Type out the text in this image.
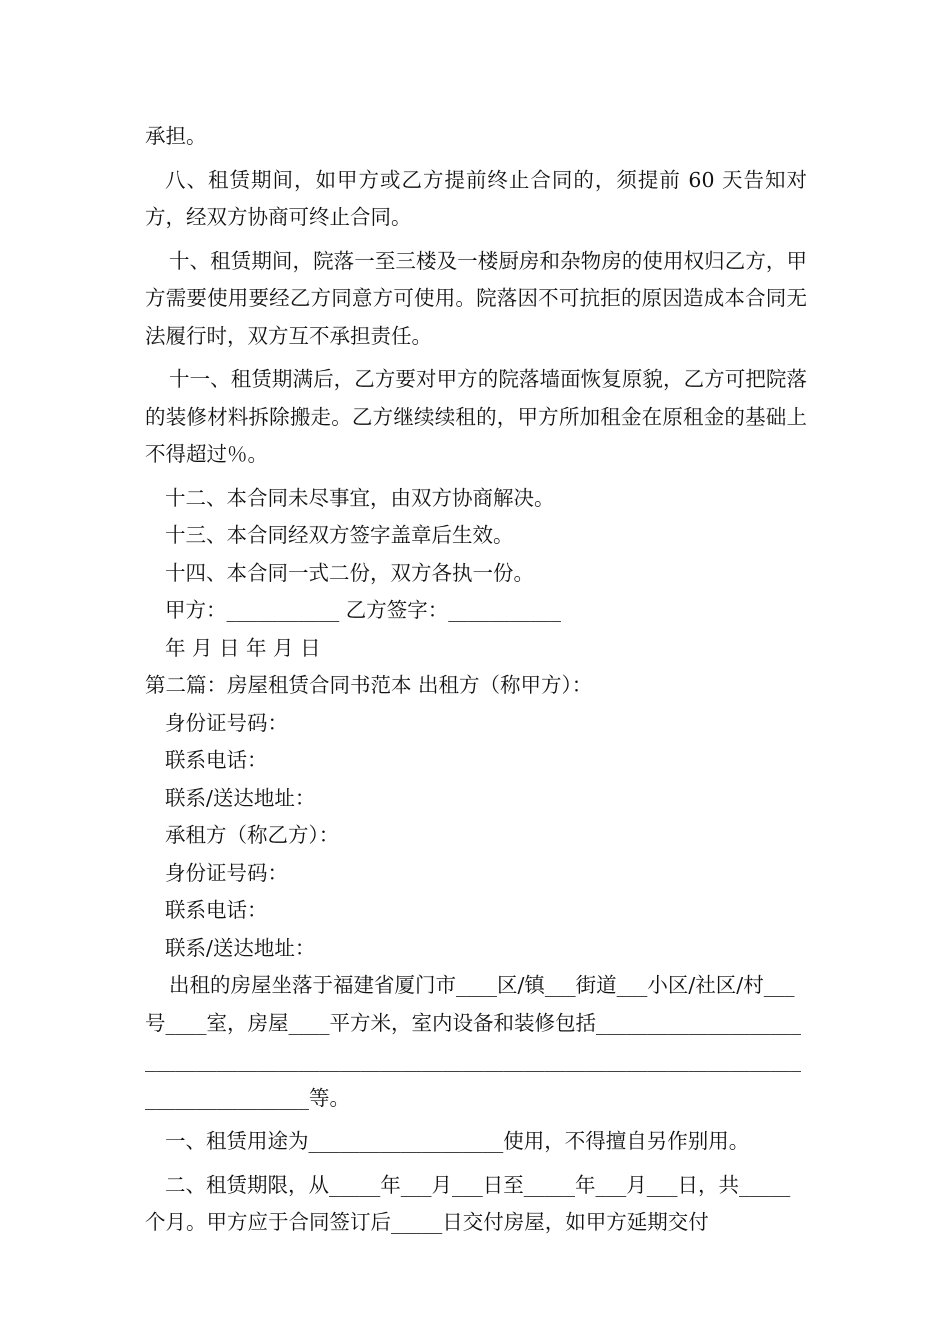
承担。

八、租赁期间，如甲方或乙方提前终止合同的，须提前 60 天告知对方，经双方协商可终止合同。

十、租赁期间，院落一至三楼及一楼厨房和杂物房的使用权归乙方，甲方需要使用要经乙方同意方可使用。院落因不可抗拒的原因造成本合同无法履行时，双方互不承担责任。

十一、租赁期满后，乙方要对甲方的院落墙面恢复原貌，乙方可把院落的装修材料拆除搬走。乙方继续续租的，甲方所加租金在原租金的基础上不得超过％。

十二、本合同未尽事宜，由双方协商解决。

十三、本合同经双方签字盖章后生效。

十四、本合同一式二份，双方各执一份。

甲方：___________ 乙方签字：___________

年 月 日 年 月 日

第二篇：房屋租赁合同书范本 出租方（称甲方）：

身份证号码：

联系电话：

联系/送达地址：

承租方（称乙方）：

身份证号码：

联系电话：

联系/送达地址：

出租的房屋坐落于福建省厦门市____区/镇___街道___小区/社区/村___号____室，房屋____平方米，室内设备和装修包括____________________________________________________________________________________________________等。

一、租赁用途为___________________使用，不得擅自另作别用。

二、租赁期限，从_____年___月___日至_____年___月___日，共_____个月。甲方应于合同签订后_____日交付房屋，如甲方延期交付
